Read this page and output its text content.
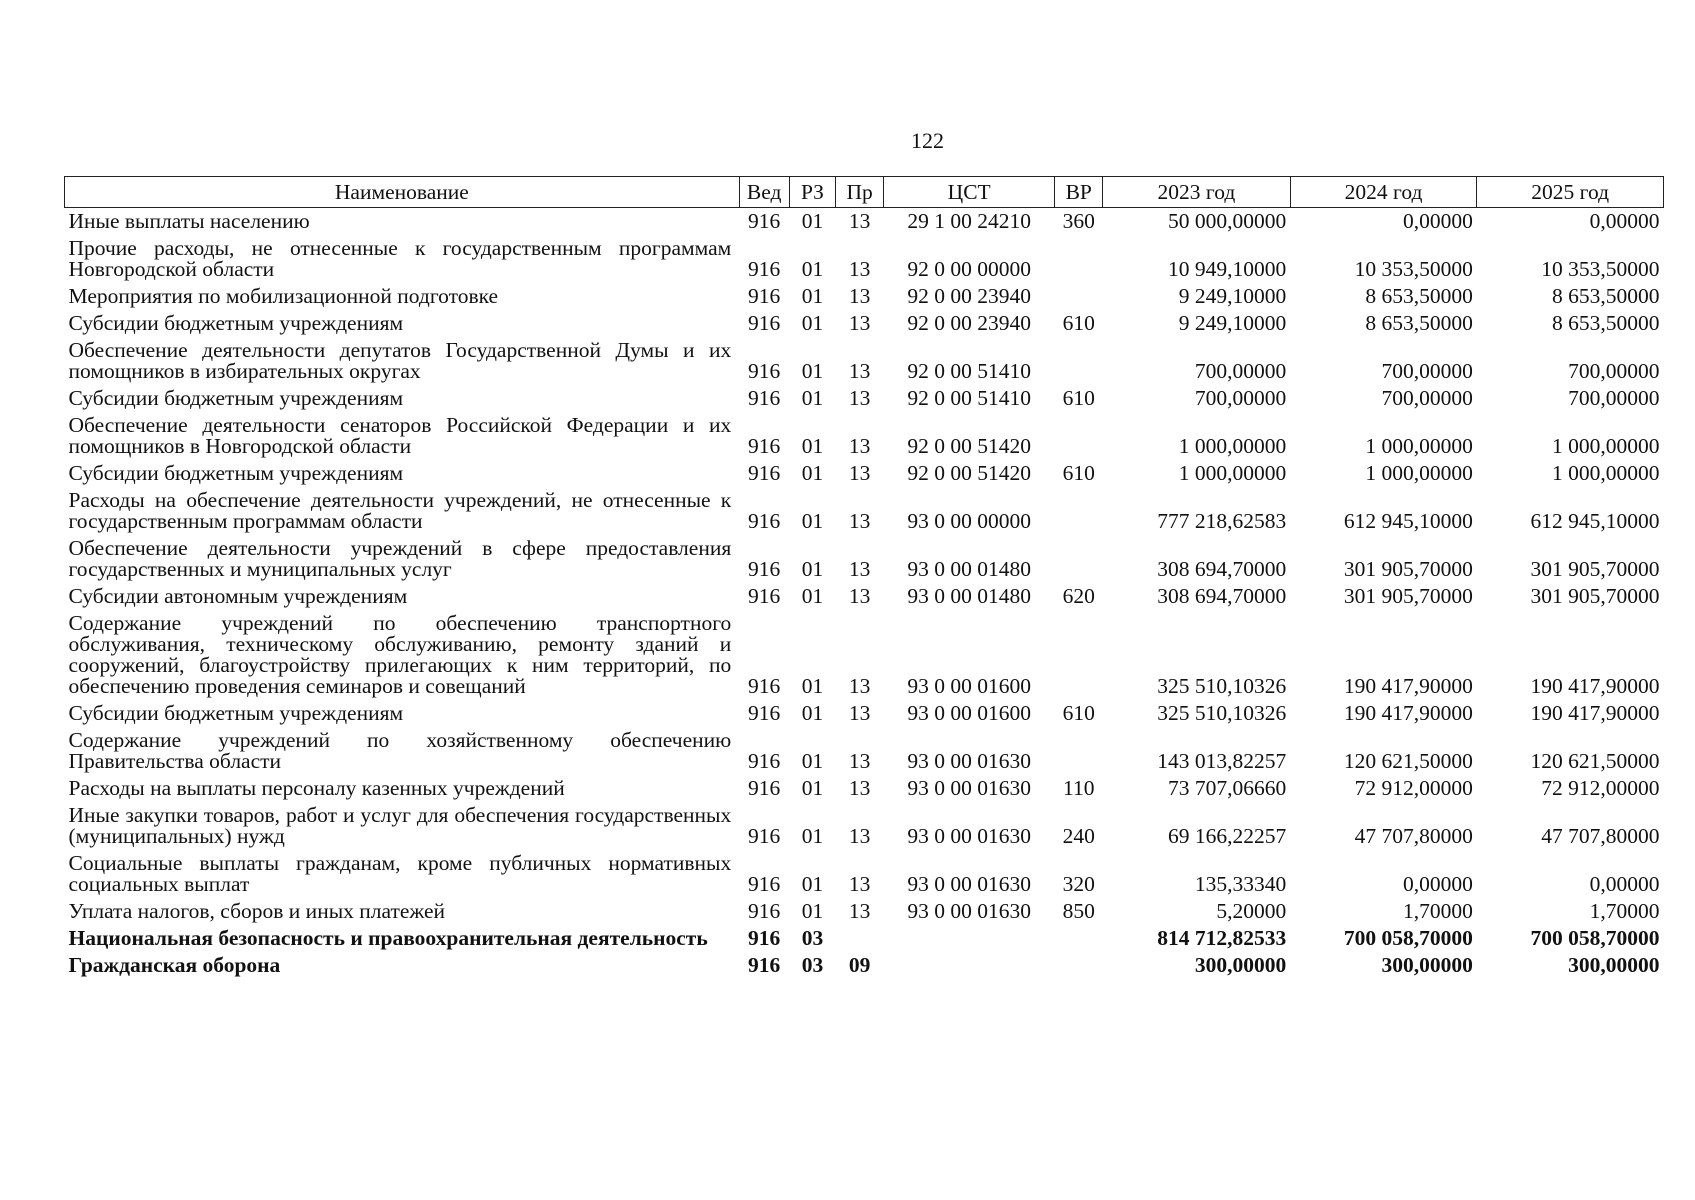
122
Наименование	Вед	РЗ	Пр	ЦСТ	ВР	2023 год	2024 год	2025 год
Иные выплаты населению	916	01	13	29 1 00 24210	360	50 000,00000	0,00000	0,00000
Прочие расходы, не отнесенные к государственным программам Новгородской области	916	01	13	92 0 00 00000		10 949,10000	10 353,50000	10 353,50000
Мероприятия по мобилизационной подготовке	916	01	13	92 0 00 23940		9 249,10000	8 653,50000	8 653,50000
Субсидии бюджетным учреждениям	916	01	13	92 0 00 23940	610	9 249,10000	8 653,50000	8 653,50000
Обеспечение деятельности депутатов Государственной Думы и их помощников в избирательных округах	916	01	13	92 0 00 51410		700,00000	700,00000	700,00000
Субсидии бюджетным учреждениям	916	01	13	92 0 00 51410	610	700,00000	700,00000	700,00000
Обеспечение деятельности сенаторов Российской Федерации и их помощников в Новгородской области	916	01	13	92 0 00 51420		1 000,00000	1 000,00000	1 000,00000
Субсидии бюджетным учреждениям	916	01	13	92 0 00 51420	610	1 000,00000	1 000,00000	1 000,00000
Расходы на обеспечение деятельности учреждений, не отнесенные к государственным программам области	916	01	13	93 0 00 00000		777 218,62583	612 945,10000	612 945,10000
Обеспечение деятельности учреждений в сфере предоставления государственных и муниципальных услуг	916	01	13	93 0 00 01480		308 694,70000	301 905,70000	301 905,70000
Субсидии автономным учреждениям	916	01	13	93 0 00 01480	620	308 694,70000	301 905,70000	301 905,70000
Содержание учреждений по обеспечению транспортного обслуживания, техническому обслуживанию, ремонту зданий и сооружений, благоустройству прилегающих к ним территорий, по обеспечению проведения семинаров и совещаний	916	01	13	93 0 00 01600		325 510,10326	190 417,90000	190 417,90000
Субсидии бюджетным учреждениям	916	01	13	93 0 00 01600	610	325 510,10326	190 417,90000	190 417,90000
Содержание учреждений по хозяйственному обеспечению Правительства области	916	01	13	93 0 00 01630		143 013,82257	120 621,50000	120 621,50000
Расходы на выплаты персоналу казенных учреждений	916	01	13	93 0 00 01630	110	73 707,06660	72 912,00000	72 912,00000
Иные закупки товаров, работ и услуг для обеспечения государственных (муниципальных) нужд	916	01	13	93 0 00 01630	240	69 166,22257	47 707,80000	47 707,80000
Социальные выплаты гражданам, кроме публичных нормативных социальных выплат	916	01	13	93 0 00 01630	320	135,33340	0,00000	0,00000
Уплата налогов, сборов и иных платежей	916	01	13	93 0 00 01630	850	5,20000	1,70000	1,70000
Национальная безопасность и правоохранительная деятельность	916	03				814 712,82533	700 058,70000	700 058,70000
Гражданская оборона	916	03	09			300,00000	300,00000	300,00000
